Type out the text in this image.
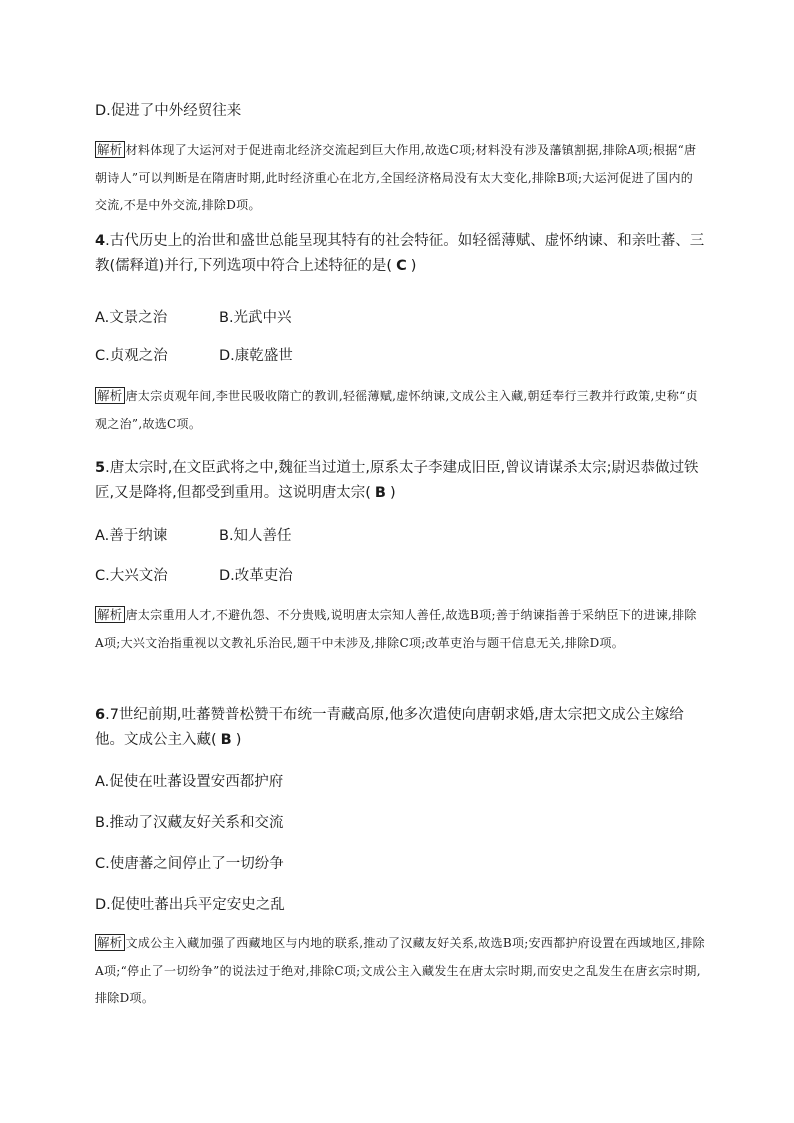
D.促进了中外经贸往来
解析 材料体现了大运河对于促进南北经济交流起到巨大作用,故选C项;材料没有涉及藩镇割据,排除A项;根据“唐朝诗人”可以判断是在隋唐时期,此时经济重心在北方,全国经济格局没有太大变化,排除B项;大运河促进了国内的交流,不是中外交流,排除D项。
4.古代历史上的治世和盛世总能呈现其特有的社会特征。如轻徭薄赋、虚怀纳谏、和亲吐蕃、三教(儒释道)并行,下列选项中符合上述特征的是( C )
A.文景之治	B.光武中兴
C.贞观之治	D.康乾盛世
解析 唐太宗贞观年间,李世民吸收隋亡的教训,轻徭薄赋,虚怀纳谏,文成公主入藏,朝廷奉行三教并行政策,史称“贞观之治”,故选C项。
5.唐太宗时,在文臣武将之中,魏征当过道士,原系太子李建成旧臣,曾议请谋杀太宗;尉迟恭做过铁匠,又是降将,但都受到重用。这说明唐太宗( B )
A.善于纳谏	B.知人善任
C.大兴文治	D.改革吏治
解析 唐太宗重用人才,不避仇怨、不分贵贱,说明唐太宗知人善任,故选B项;善于纳谏指善于采纳臣下的进谏,排除A项;大兴文治指重视以文教礼乐治民,题干中未涉及,排除C项;改革吏治与题干信息无关,排除D项。
6.7世纪前期,吐蕃赞普松赞干布统一青藏高原,他多次遣使向唐朝求婚,唐太宗把文成公主嫁给他。文成公主入藏( B )
A.促使在吐蕃设置安西都护府
B.推动了汉藏友好关系和交流
C.使唐蕃之间停止了一切纷争
D.促使吐蕃出兵平定安史之乱
解析 文成公主入藏加强了西藏地区与内地的联系,推动了汉藏友好关系,故选B项;安西都护府设置在西域地区,排除A项;“停止了一切纷争”的说法过于绝对,排除C项;文成公主入藏发生在唐太宗时期,而安史之乱发生在唐玄宗时期,排除D项。
